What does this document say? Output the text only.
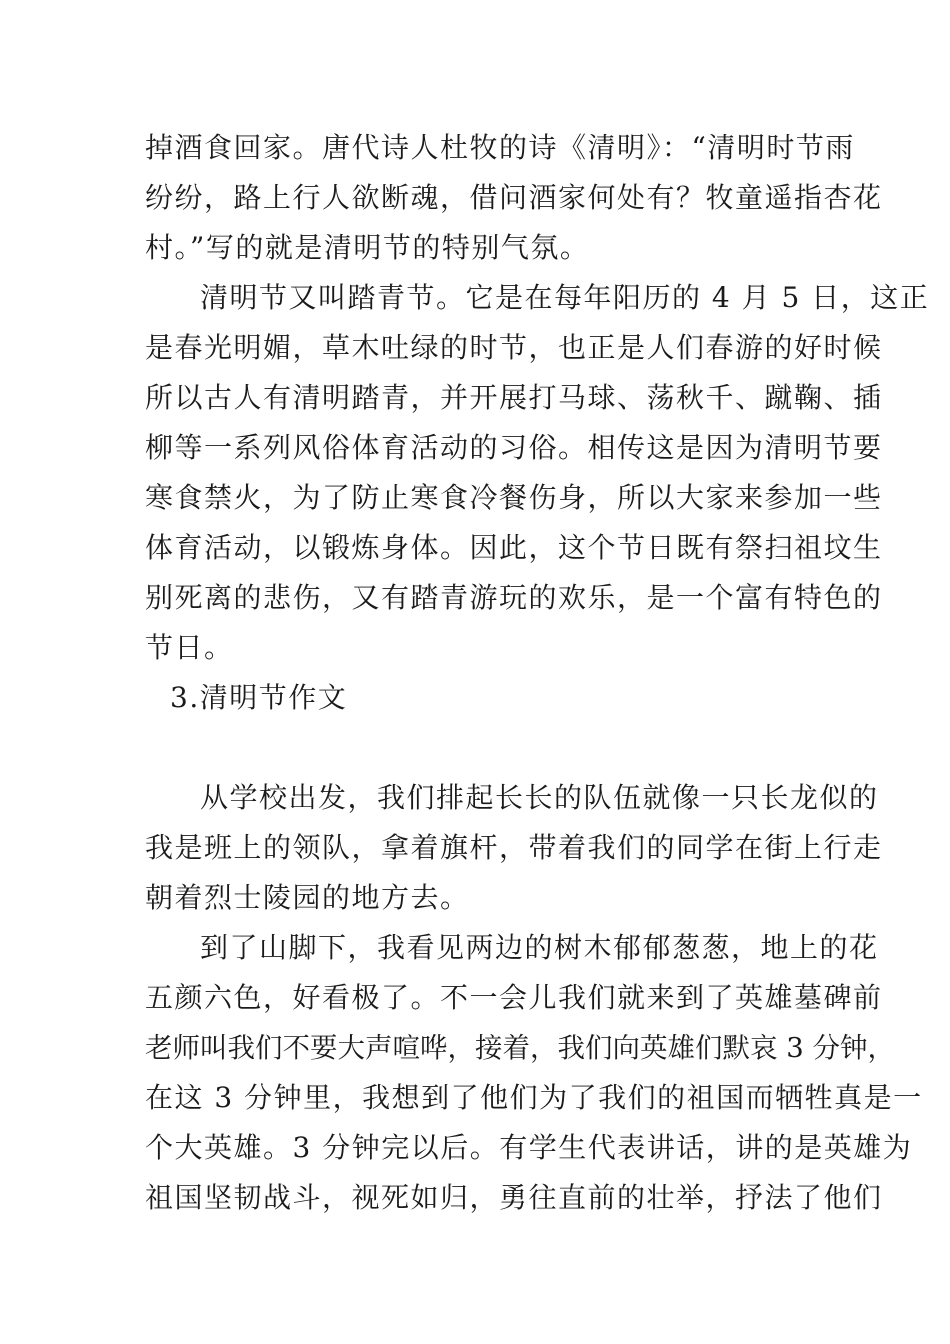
掉酒食回家。唐代诗人杜牧的诗《清明》：“清明时节雨
纷纷，路上行人欲断魂，借问酒家何处有？牧童遥指杏花
村。”写的就是清明节的特别气氛。
清明节又叫踏青节。它是在每年阳历的 4 月 5 日，这正
是春光明媚，草木吐绿的时节，也正是人们春游的好时候
所以古人有清明踏青，并开展打马球、荡秋千、蹴鞠、插
柳等一系列风俗体育活动的习俗。相传这是因为清明节要
寒食禁火，为了防止寒食冷餐伤身，所以大家来参加一些
体育活动，以锻炼身体。因此，这个节日既有祭扫祖坟生
别死离的悲伤，又有踏青游玩的欢乐，是一个富有特色的
节日。
3.清明节作文
从学校出发，我们排起长长的队伍就像一只长龙似的
我是班上的领队，拿着旗杆，带着我们的同学在街上行走
朝着烈士陵园的地方去。
到了山脚下，我看见两边的树木郁郁葱葱，地上的花
五颜六色，好看极了。不一会儿我们就来到了英雄墓碑前
老师叫我们不要大声喧哗，接着，我们向英雄们默哀 3 分钟，
在这 3 分钟里，我想到了他们为了我们的祖国而牺牲真是一
个大英雄。3 分钟完以后。有学生代表讲话，讲的是英雄为
祖国坚韧战斗，视死如归，勇往直前的壮举，抒法了他们
